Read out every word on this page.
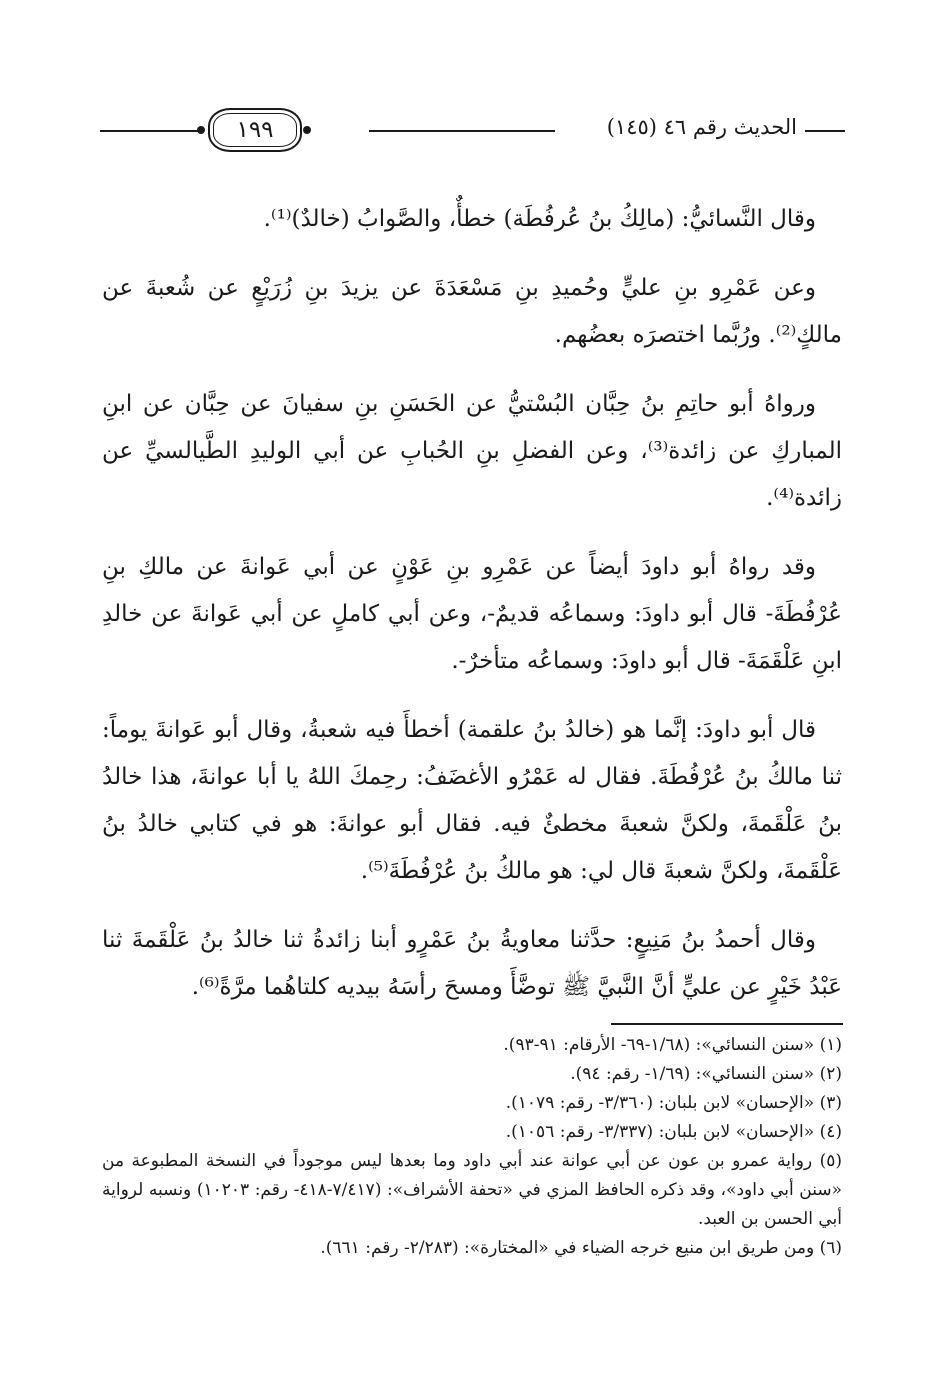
الحديث رقم ٤٦ (١٤٥)
١٩٩

وقال النَّسائيُّ: (مالِكُ بنُ عُرفُطَة) خطأٌ، والصَّوابُ (خالدٌ)⁽¹⁾.

وعن عَمْرِو بنِ عليٍّ وحُميدِ بنِ مَسْعَدَةَ عن يزيدَ بنِ زُرَيْعٍ عن شُعبةَ عن مالكٍ⁽²⁾. ورُبَّما اختصرَه بعضُهم.

ورواهُ أبو حاتِمِ بنُ حِبَّان البُسْتيُّ عن الحَسَنِ بنِ سفيانَ عن حِبَّان عن ابنِ المباركِ عن زائدة⁽³⁾، وعن الفضلِ بنِ الحُبابِ عن أبي الوليدِ الطَّيالسيِّ عن زائدة⁽⁴⁾.

وقد رواهُ أبو داودَ أيضاً عن عَمْرِو بنِ عَوْنٍ عن أبي عَوانةَ عن مالكِ بنِ عُرْفُطَةَ- قال أبو داودَ: وسماعُه قديمٌ-، وعن أبي كاملٍ عن أبي عَوانةَ عن خالدِ ابنِ عَلْقَمَةَ- قال أبو داودَ: وسماعُه متأخرٌ-.

قال أبو داودَ: إنَّما هو (خالدُ بنُ علقمة) أخطأَ فيه شعبةُ، وقال أبو عَوانةَ يوماً: ثنا مالكُ بنُ عُرْفُطَةَ. فقال له عَمْرُو الأغضَفُ: رحِمكَ اللهُ يا أبا عوانةَ، هذا خالدُ بنُ عَلْقَمةَ، ولكنَّ شعبةَ مخطئٌ فيه. فقال أبو عوانةَ: هو في كتابي خالدُ بنُ عَلْقَمةَ، ولكنَّ شعبةَ قال لي: هو مالكُ بنُ عُرْفُطَةَ⁽⁵⁾.

وقال أحمدُ بنُ مَنِيعٍ: حدَّثنا معاويةُ بنُ عَمْرٍو أبنا زائدةُ ثنا خالدُ بنُ عَلْقَمةَ ثنا عَبْدُ خَيْرٍ عن عليٍّ أنَّ النَّبيَّ ﷺ توضَّأَ ومسحَ رأسَهُ بيديه كلتاهُما مرَّةً⁽⁶⁾.

(١) «سنن النسائي»: (١/٦٨-٦٩- الأرقام: ٩١-٩٣).
(٢) «سنن النسائي»: (١/٦٩- رقم: ٩٤).
(٣) «الإحسان» لابن بلبان: (٣/٣٦٠- رقم: ١٠٧٩).
(٤) «الإحسان» لابن بلبان: (٣/٣٣٧- رقم: ١٠٥٦).
(٥) رواية عمرو بن عون عن أبي عوانة عند أبي داود وما بعدها ليس موجوداً في النسخة المطبوعة من «سنن أبي داود»، وقد ذكره الحافظ المزي في «تحفة الأشراف»: (٧/٤١٧-٤١٨- رقم: ١٠٢٠٣) ونسبه لرواية أبي الحسن بن العبد.
(٦) ومن طريق ابن منيع خرجه الضياء في «المختارة»: (٢/٢٨٣- رقم: ٦٦١).
